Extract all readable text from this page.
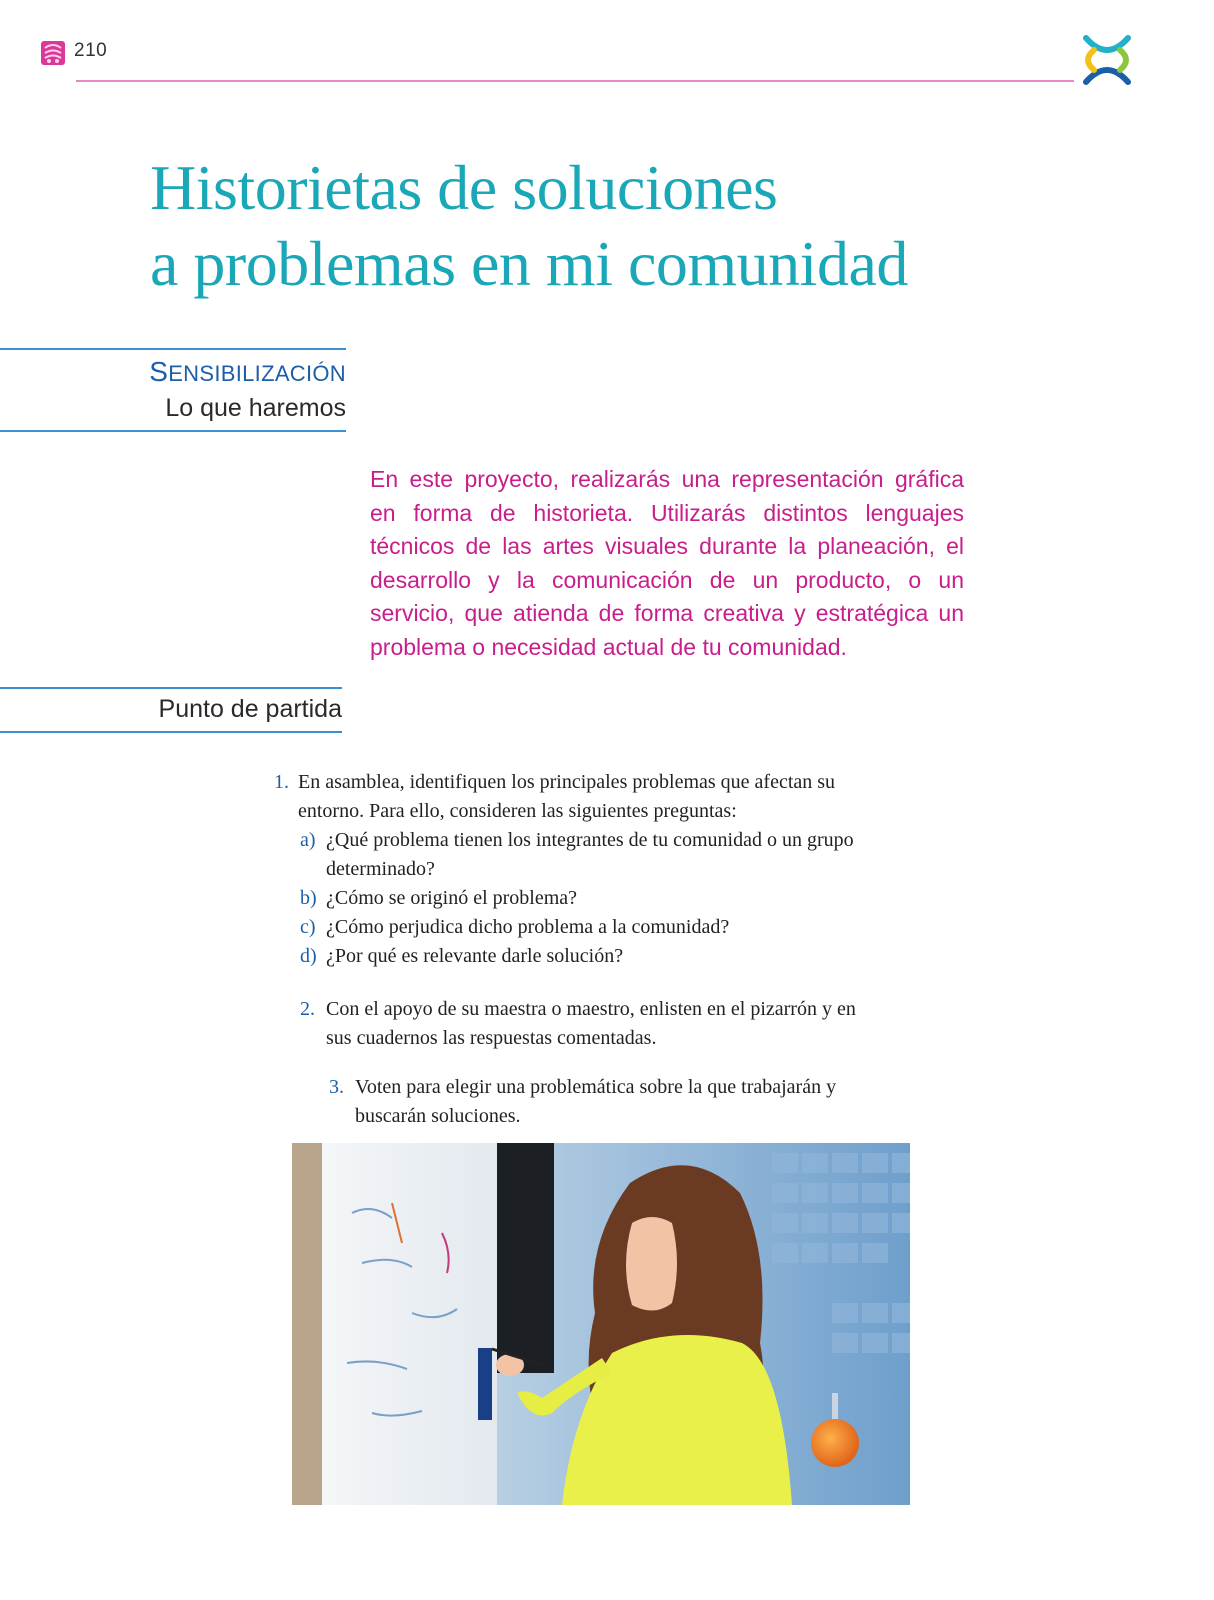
210
Historietas de soluciones
a problemas en mi comunidad
SENSIBILIZACIÓN
Lo que haremos
En este proyecto, realizarás una representación gráfica en forma de historieta. Utilizarás distintos lenguajes técnicos de las artes visuales durante la planeación, el desarrollo y la comunicación de un producto, o un servicio, que atienda de forma creativa y estratégica un problema o necesidad actual de tu comunidad.
Punto de partida
1. En asamblea, identifiquen los principales problemas que afectan su entorno. Para ello, consideren las siguientes preguntas:
a) ¿Qué problema tienen los integrantes de tu comunidad o un grupo determinado?
b) ¿Cómo se originó el problema?
c) ¿Cómo perjudica dicho problema a la comunidad?
d) ¿Por qué es relevante darle solución?
2. Con el apoyo de su maestra o maestro, enlisten en el pizarrón y en sus cuadernos las respuestas comentadas.
3. Voten para elegir una problemática sobre la que trabajarán y buscarán soluciones.
